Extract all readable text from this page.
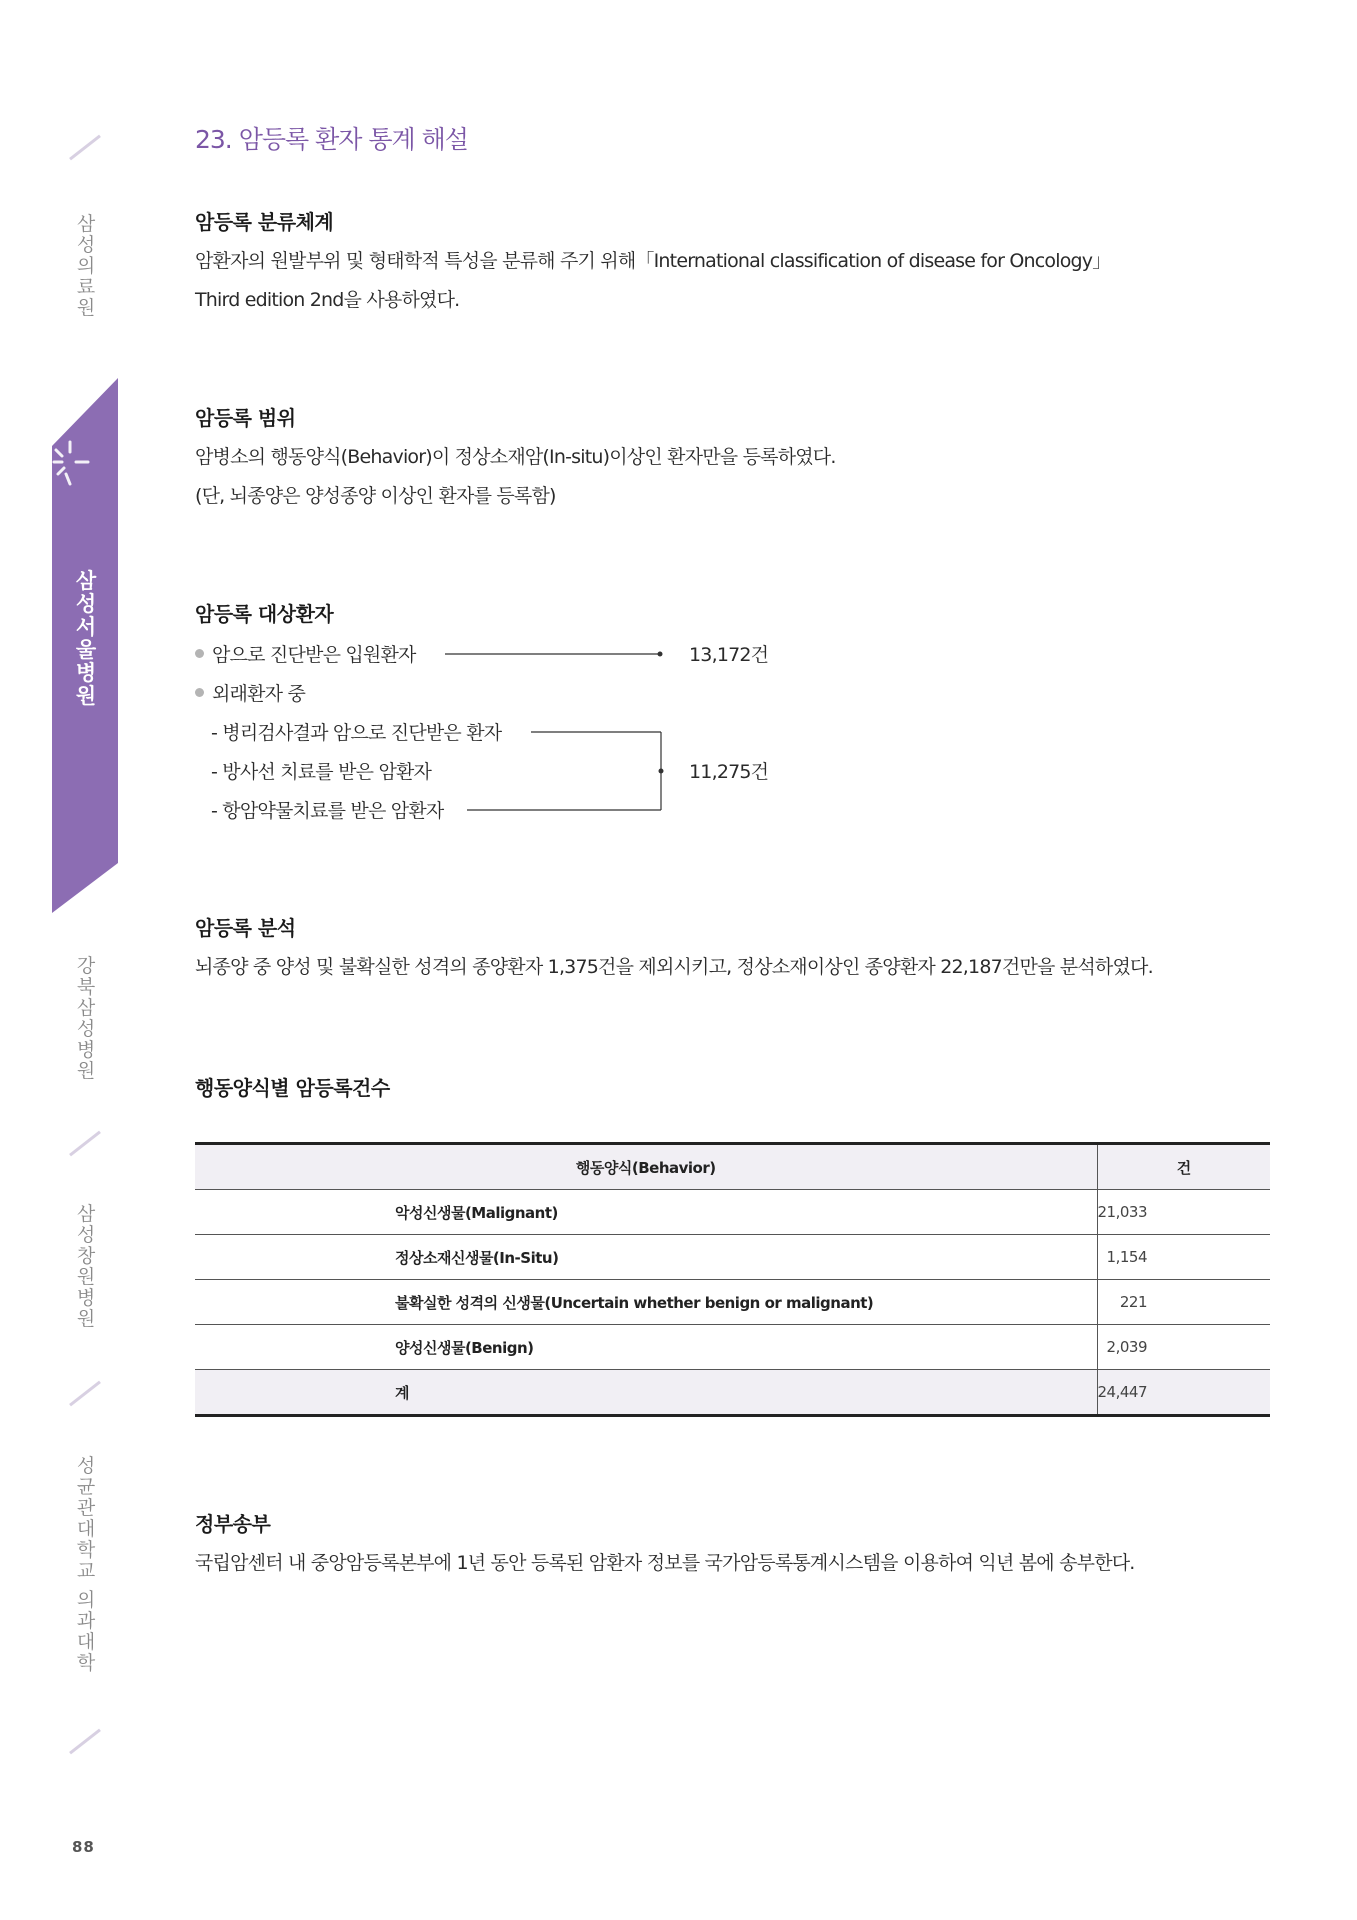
삼
성
의
료
원
삼
성
서
울
병
원
강
북
삼
성
병
원
삼
성
창
원
병
원
성
균
관
대
학
교
의
과
대
학
88
23. 암등록 환자 통계 해설
암등록 분류체계
암환자의 원발부위 및 형태학적 특성을 분류해 주기 위해「International classification of disease for Oncology」
Third edition 2nd을 사용하였다.
암등록 범위
암병소의 행동양식(Behavior)이 정상소재암(In-situ)이상인 환자만을 등록하였다.
(단, 뇌종양은 양성종양 이상인 환자를 등록함)
암등록 대상환자
암으로 진단받은 입원환자	13,172건
외래환자 중
- 병리검사결과 암으로 진단받은 환자
- 방사선 치료를 받은 암환자
- 항암약물치료를 받은 암환자
11,275건
암등록 분석
뇌종양 중 양성 및 불확실한 성격의 종양환자 1,375건을 제외시키고, 정상소재이상인 종양환자 22,187건만을 분석하였다.
행동양식별 암등록건수
행동양식(Behavior)	건
악성신생물(Malignant)	21,033
정상소재신생물(In-Situ)	1,154
불확실한 성격의 신생물(Uncertain whether benign or malignant)	221
양성신생물(Benign)	2,039
계	24,447
정부송부
국립암센터 내 중앙암등록본부에 1년 동안 등록된 암환자 정보를 국가암등록통계시스템을 이용하여 익년 봄에 송부한다.
